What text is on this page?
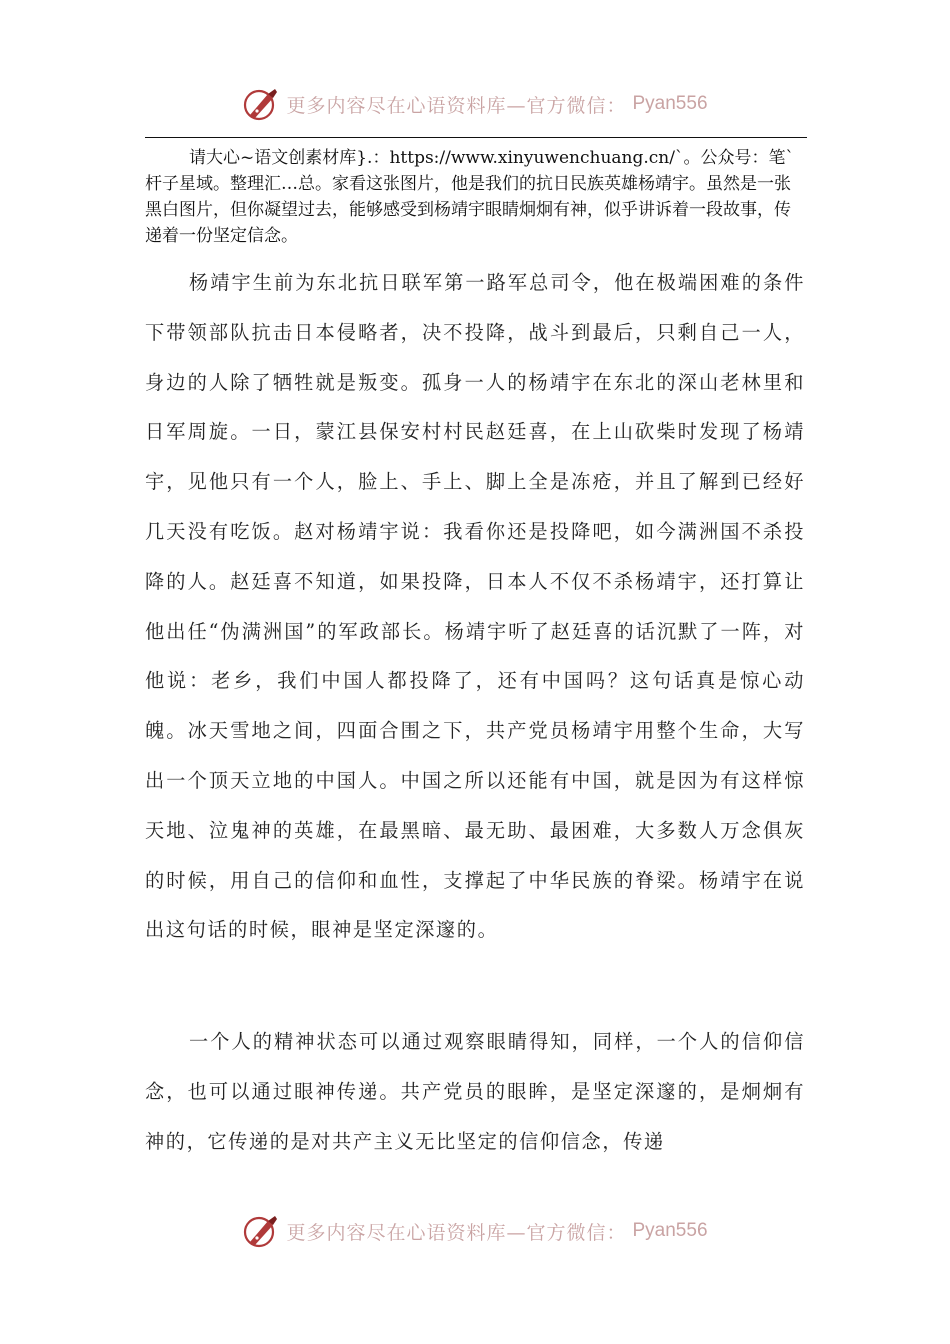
更多内容尽在心语资料库—官方微信： Pyan556

请大心~语文创素材库}.：https://www.xinyuwenchuang.cn/`。公众号：笔`杆子星域。整理汇…总。家看这张图片，他是我们的抗日民族英雄杨靖宇。虽然是一张黑白图片，但你凝望过去，能够感受到杨靖宇眼睛炯炯有神，似乎讲诉着一段故事，传递着一份坚定信念。

杨靖宇生前为东北抗日联军第一路军总司令，他在极端困难的条件下带领部队抗击日本侵略者，决不投降，战斗到最后，只剩自己一人，身边的人除了牺牲就是叛变。孤身一人的杨靖宇在东北的深山老林里和日军周旋。一日，蒙江县保安村村民赵廷喜，在上山砍柴时发现了杨靖宇，见他只有一个人，脸上、手上、脚上全是冻疮，并且了解到已经好几天没有吃饭。赵对杨靖宇说：我看你还是投降吧，如今满洲国不杀投降的人。赵廷喜不知道，如果投降，日本人不仅不杀杨靖宇，还打算让他出任“伪满洲国”的军政部长。杨靖宇听了赵廷喜的话沉默了一阵，对他说：老乡，我们中国人都投降了，还有中国吗？这句话真是惊心动魄。冰天雪地之间，四面合围之下，共产党员杨靖宇用整个生命，大写出一个顶天立地的中国人。中国之所以还能有中国，就是因为有这样惊天地、泣鬼神的英雄，在最黑暗、最无助、最困难，大多数人万念俱灰的时候，用自己的信仰和血性，支撑起了中华民族的脊梁。杨靖宇在说出这句话的时候，眼神是坚定深邃的。

一个人的精神状态可以通过观察眼睛得知，同样，一个人的信仰信念，也可以通过眼神传递。共产党员的眼眸，是坚定深邃的，是炯炯有神的，它传递的是对共产主义无比坚定的信仰信念，传递

更多内容尽在心语资料库—官方微信： Pyan556
